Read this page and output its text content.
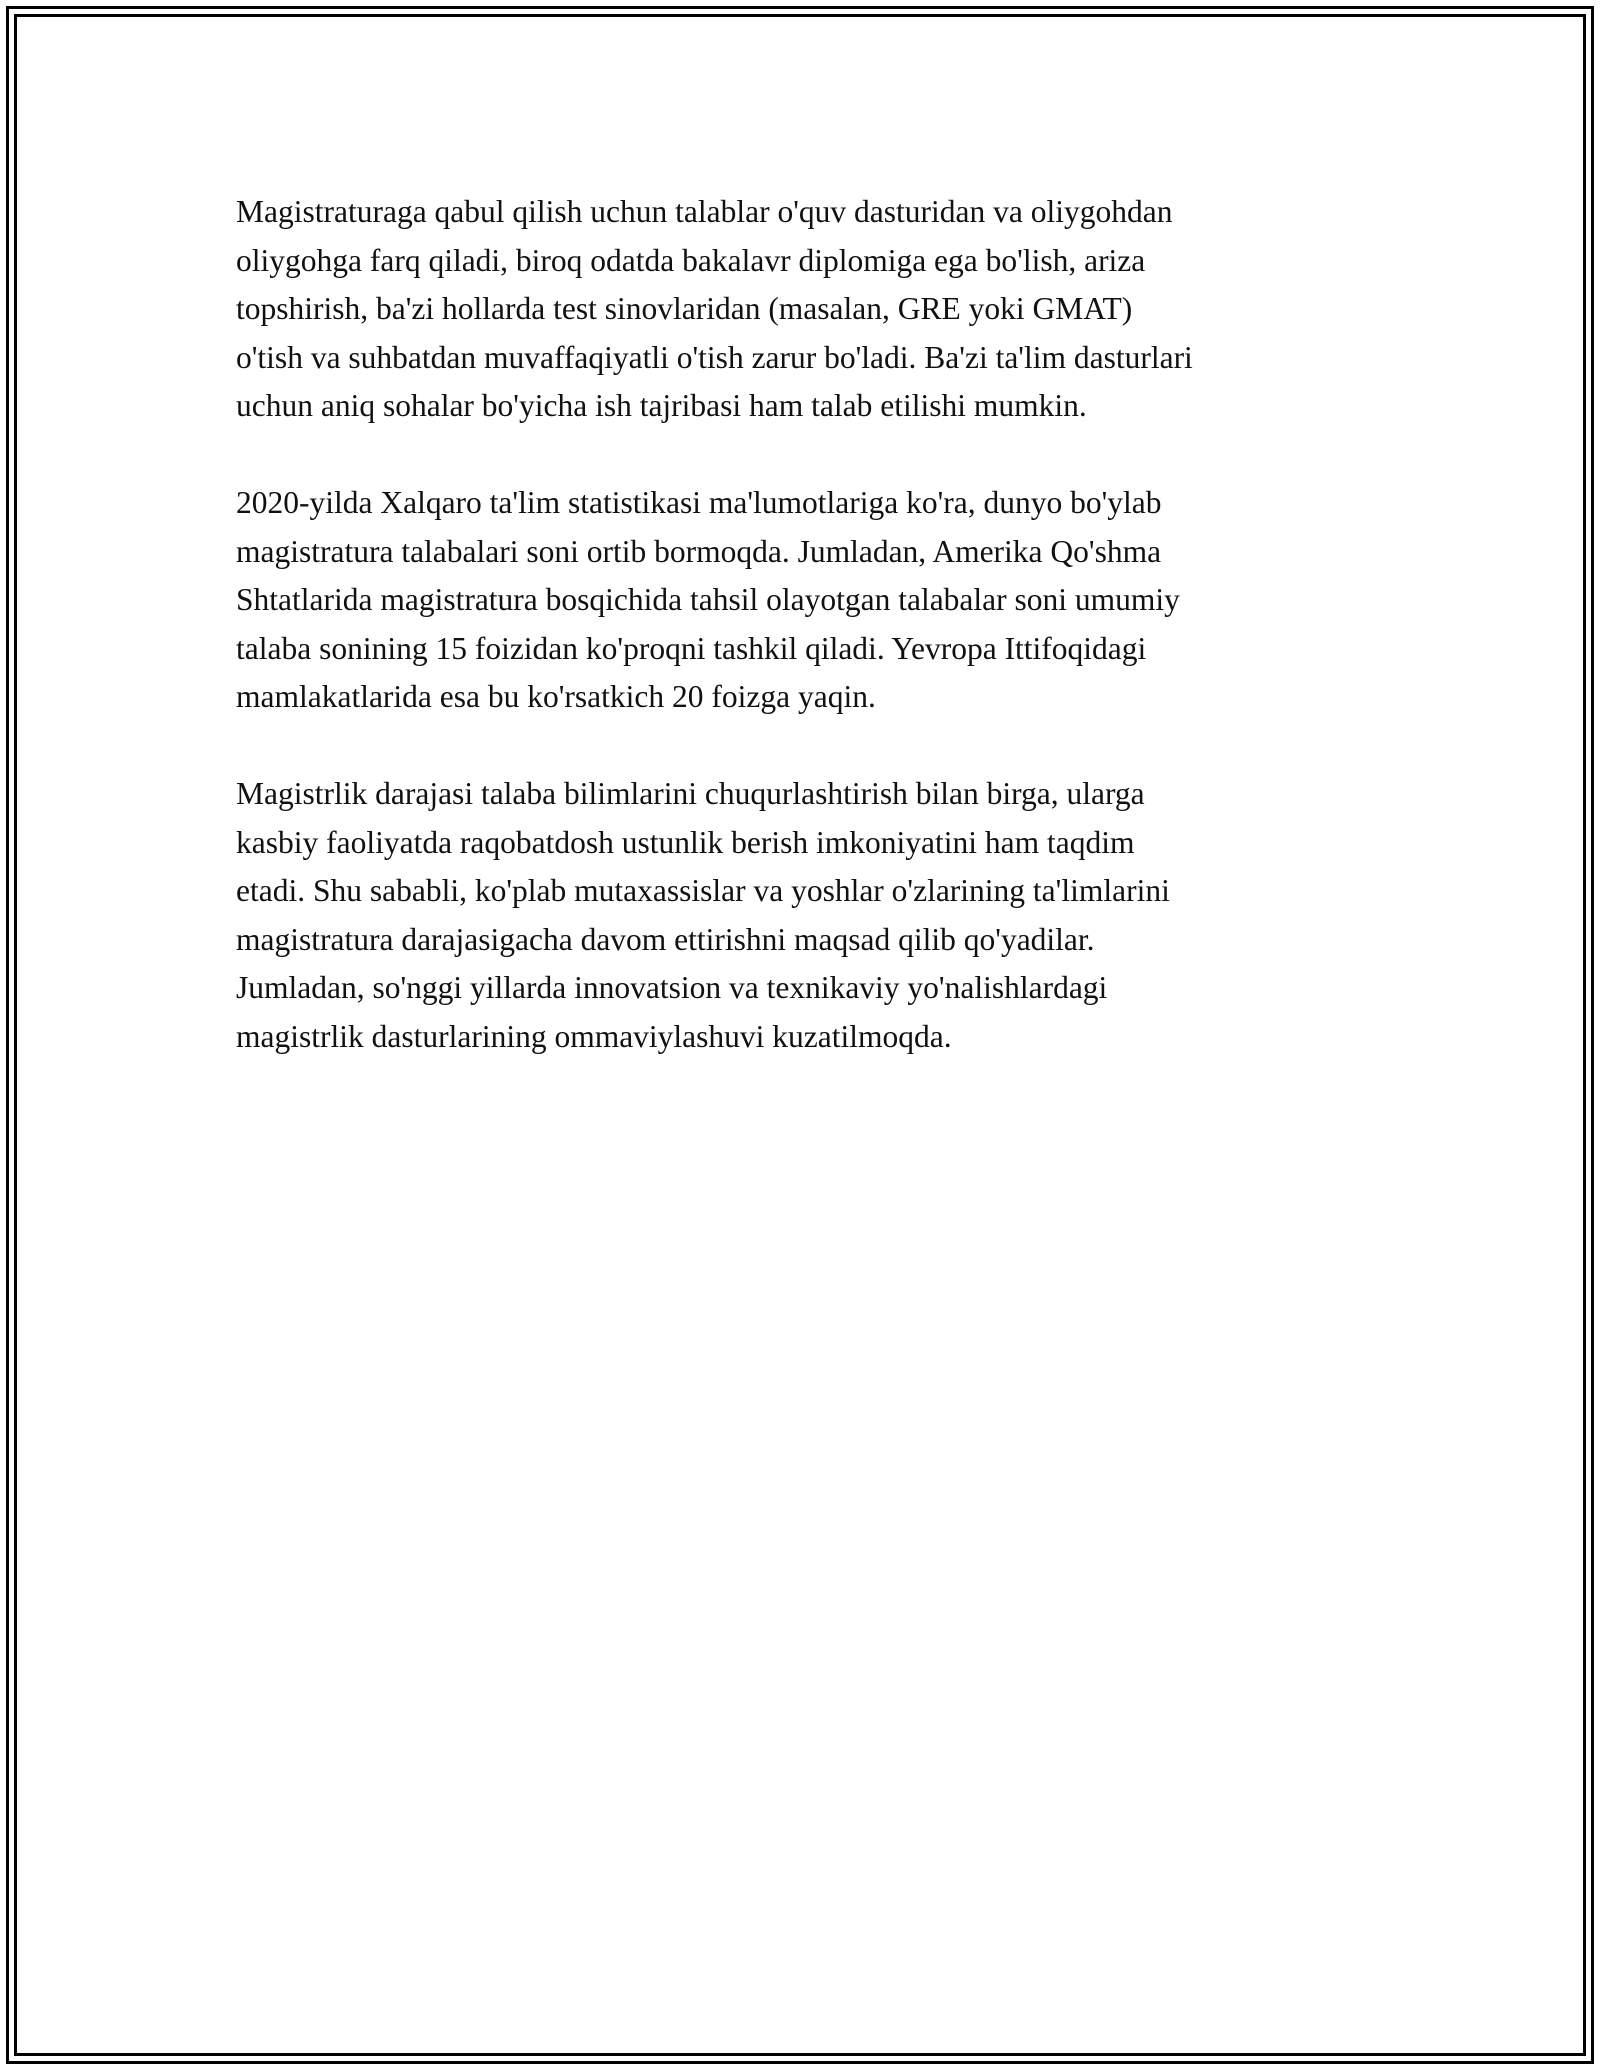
Magistraturaga qabul qilish uchun talablar o'quv dasturidan va oliygohdan
oliygohga farq qiladi, biroq odatda bakalavr diplomiga ega bo'lish, ariza
topshirish, ba'zi hollarda test sinovlaridan (masalan, GRE yoki GMAT)
o'tish va suhbatdan muvaffaqiyatli o'tish zarur bo'ladi. Ba'zi ta'lim dasturlari
uchun aniq sohalar bo'yicha ish tajribasi ham talab etilishi mumkin.

2020-yilda Xalqaro ta'lim statistikasi ma'lumotlariga ko'ra, dunyo bo'ylab
magistratura talabalari soni ortib bormoqda. Jumladan, Amerika Qo'shma
Shtatlarida magistratura bosqichida tahsil olayotgan talabalar soni umumiy
talaba sonining 15 foizidan ko'proqni tashkil qiladi. Yevropa Ittifoqidagi
mamlakatlarida esa bu ko'rsatkich 20 foizga yaqin.

Magistrlik darajasi talaba bilimlarini chuqurlashtirish bilan birga, ularga
kasbiy faoliyatda raqobatdosh ustunlik berish imkoniyatini ham taqdim
etadi. Shu sababli, ko'plab mutaxassislar va yoshlar o'zlarining ta'limlarini
magistratura darajasigacha davom ettirishni maqsad qilib qo'yadilar.
Jumladan, so'nggi yillarda innovatsion va texnikaviy yo'nalishlardagi
magistrlik dasturlarining ommaviylashuvi kuzatilmoqda.
